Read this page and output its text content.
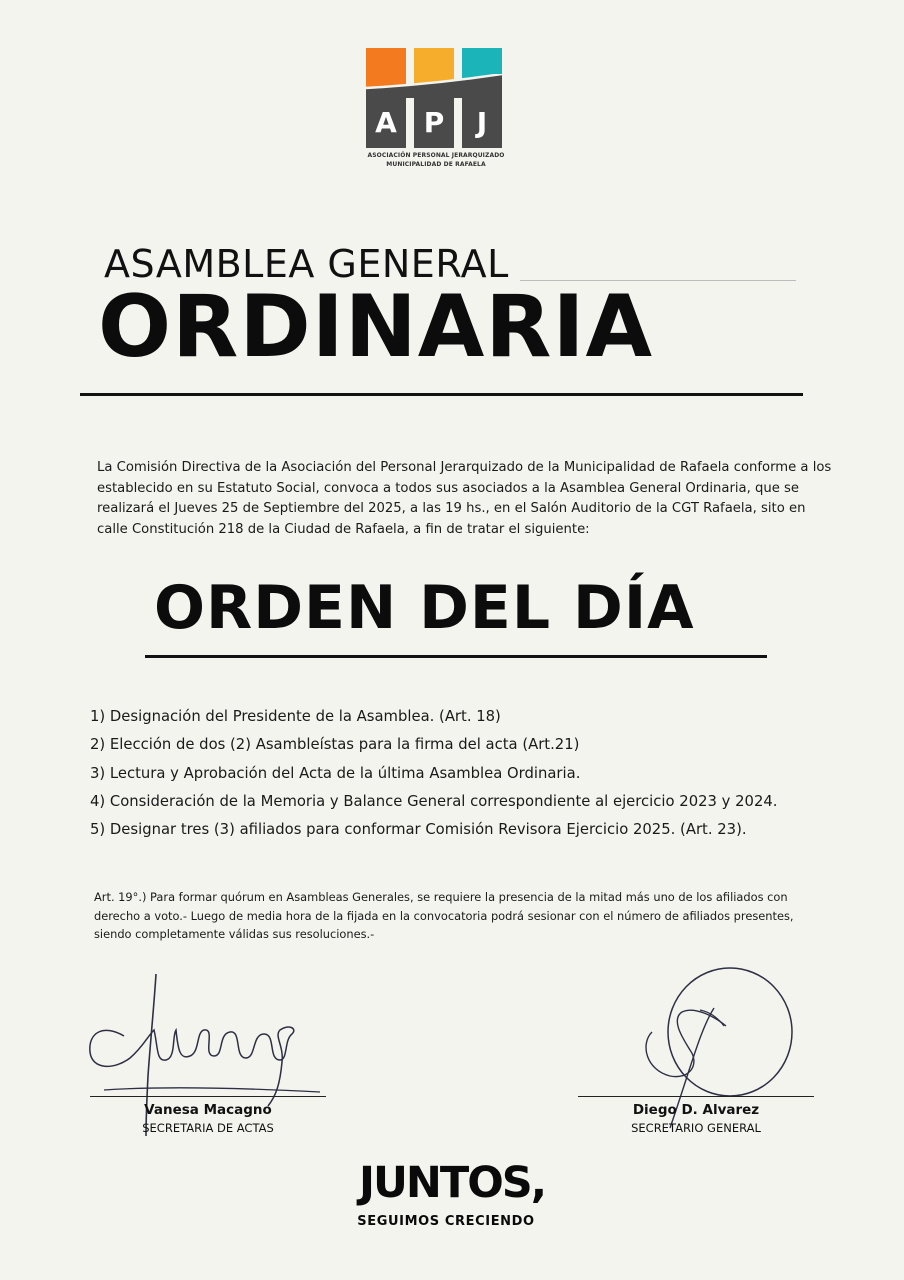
A P	J
ASOCIACIÓN PERSONAL JERARQUIZADO
MUNICIPALIDAD DE RAFAELA
ASAMBLEA GENERAL
ORDINARIA
La Comisión Directiva de la Asociación del Personal Jerarquizado de la Municipalidad de Rafaela conforme a los establecido en su Estatuto Social, convoca a todos sus asociados a la Asamblea General Ordinaria, que se realizará el Jueves 25 de Septiembre del 2025, a las 19 hs., en el Salón Auditorio de la CGT Rafaela, sito en calle Constitución 218 de la Ciudad de Rafaela, a fin de tratar el siguiente:
ORDEN DEL DÍA
1) Designación del Presidente de la Asamblea. (Art. 18)
2) Elección de dos (2) Asambleístas para la firma del acta (Art.21)
3) Lectura y Aprobación del Acta de la última Asamblea Ordinaria.
4) Consideración de la Memoria y Balance General correspondiente al ejercicio 2023 y 2024.
5) Designar tres (3) afiliados para conformar Comisión Revisora Ejercicio 2025. (Art. 23).
Art. 19°.) Para formar quórum en Asambleas Generales, se requiere la presencia de la mitad más uno de los afiliados con derecho a voto.- Luego de media hora de la fijada en la convocatoria podrá sesionar con el número de afiliados presentes, siendo completamente válidas sus resoluciones.-
Vanesa Macagno
SECRETARIA DE ACTAS
Diego D. Alvarez
SECRETARIO GENERAL
JUNTOS,
SEGUIMOS CRECIENDO
